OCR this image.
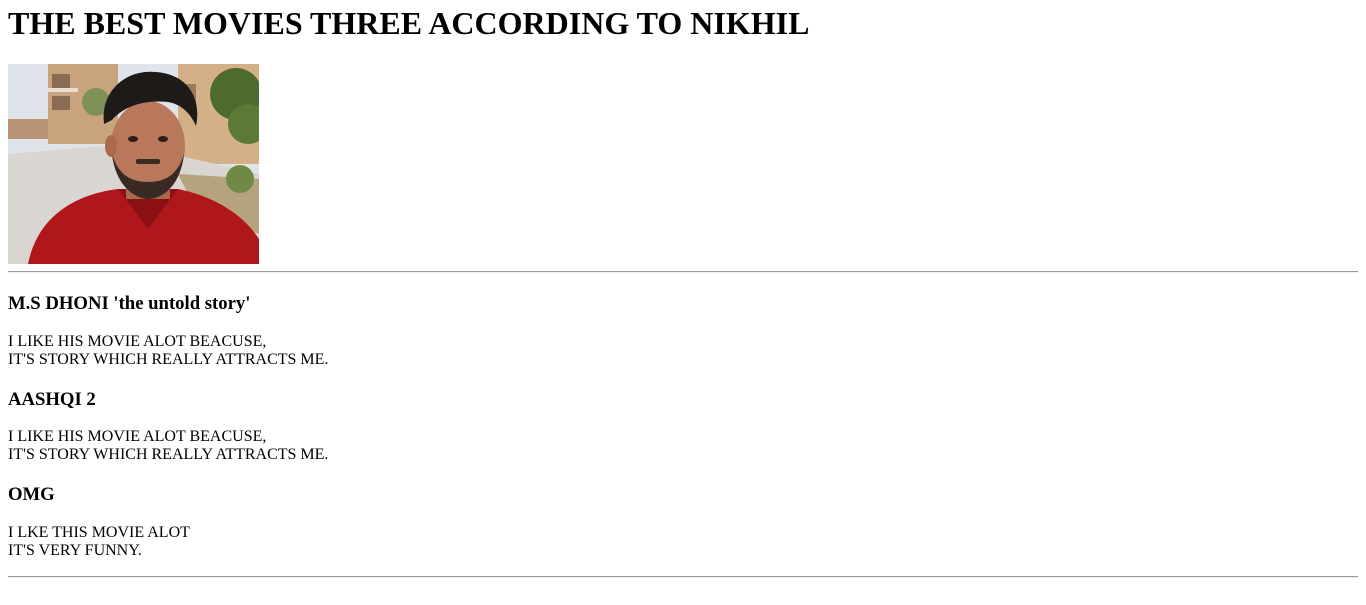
THE BEST MOVIES THREE ACCORDING TO NIKHIL
M.S DHONI 'the untold story'

I LIKE HIS MOVIE ALOT BEACUSE,
IT'S STORY WHICH REALLY ATTRACTS ME.

AASHQI 2

I LIKE HIS MOVIE ALOT BEACUSE,
IT'S STORY WHICH REALLY ATTRACTS ME.

OMG

I LKE THIS MOVIE ALOT
IT'S VERY FUNNY.
